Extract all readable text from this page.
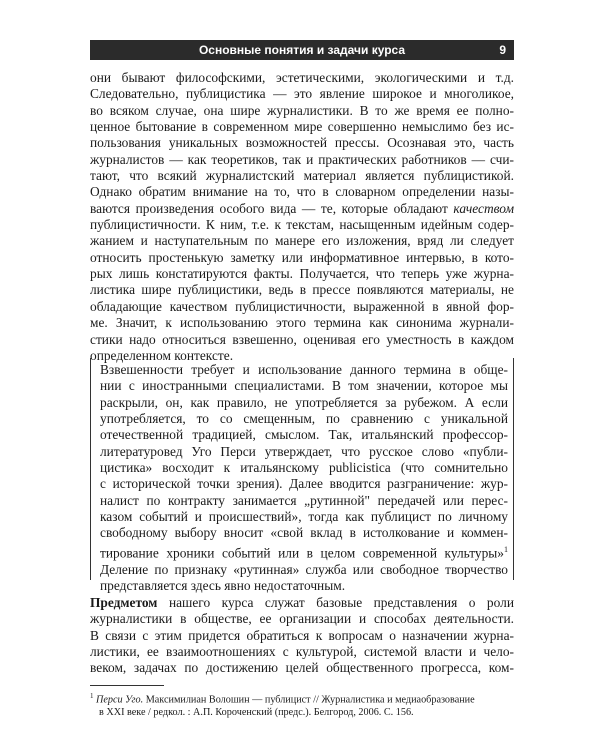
Основные понятия и задачи курса	9
они бывают философскими, эстетическими, экологическими и т.д.
Следовательно, публицистика — это явление широкое и многоликое,
во всяком случае, она шире журналистики. В то же время ее полно-
ценное бытование в современном мире совершенно немыслимо без ис-
пользования уникальных возможностей прессы. Осознавая это, часть
журналистов — как теоретиков, так и практических работников — счи-
тают, что всякий журналистский материал является публицистикой.
Однако обратим внимание на то, что в словарном определении назы-
ваются произведения особого вида — те, которые обладают качеством
публицистичности. К ним, т.е. к текстам, насыщенным идейным содер-
жанием и наступательным по манере его изложения, вряд ли следует
относить простенькую заметку или информативное интервью, в кото-
рых лишь констатируются факты. Получается, что теперь уже журна-
листика шире публицистики, ведь в прессе появляются материалы, не
обладающие качеством публицистичности, выраженной в явной фор-
ме. Значит, к использованию этого термина как синонима журнали-
стики надо относиться взвешенно, оценивая его уместность в каждом
определенном контексте.
Взвешенности требует и использование данного термина в обще-
нии с иностранными специалистами. В том значении, которое мы
раскрыли, он, как правило, не употребляется за рубежом. А если
употребляется, то со смещенным, по сравнению с уникальной
отечественной традицией, смыслом. Так, итальянский профессор-
литературовед Уго Перси утверждает, что русское слово «публи-
цистика» восходит к итальянскому publicistica (что сомнительно
с исторической точки зрения). Далее вводится разграничение: жур-
налист по контракту занимается „рутинной" передачей или перес-
казом событий и происшествий», тогда как публицист по личному
свободному выбору вносит «свой вклад в истолкование и коммен-
тирование хроники событий или в целом современной культуры»$^1$
Деление по признаку «рутинная» служба или свободное творчество
представляется здесь явно недостаточным.
Предметом нашего курса служат базовые представления о роли
журналистики в обществе, ее организации и способах деятельности.
В связи с этим придется обратиться к вопросам о назначении журна-
листики, ее взаимоотношениях с культурой, системой власти и чело-
веком, задачах по достижению целей общественного прогресса, ком-
$^1$ Перси Уго. Максимилиан Волошин — публицист // Журналистика и медиаобразование
в XXI веке / редкол. : А.П. Короченский (предс.). Белгород, 2006. С. 156.
